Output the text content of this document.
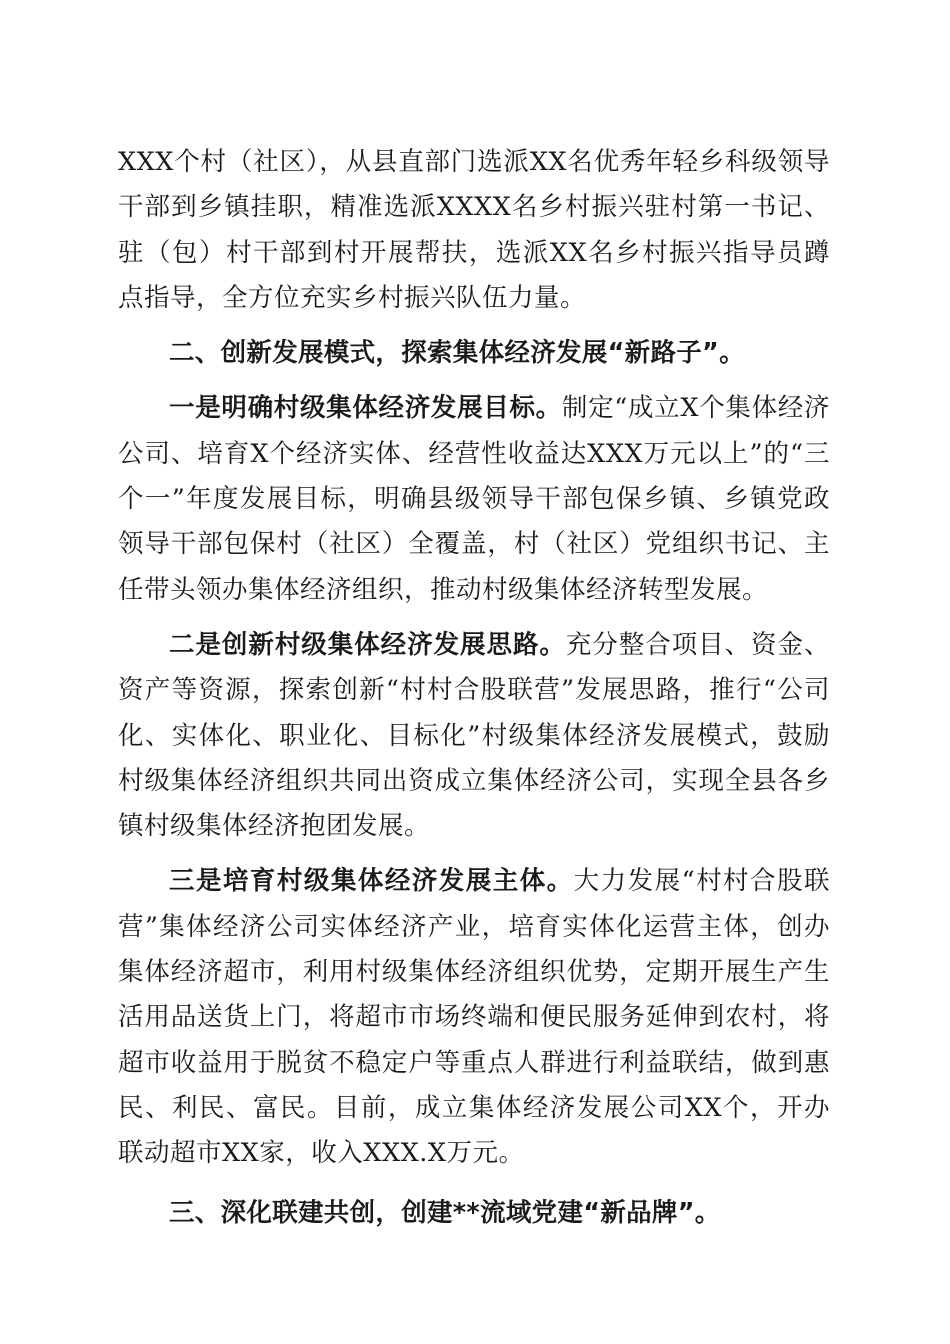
XXX个村（社区），从县直部门选派XX名优秀年轻乡科级领导干部到乡镇挂职，精准选派XXXX名乡村振兴驻村第一书记、驻（包）村干部到村开展帮扶，选派XX名乡村振兴指导员蹲点指导，全方位充实乡村振兴队伍力量。

二、创新发展模式，探索集体经济发展“新路子”。

一是明确村级集体经济发展目标。制定“成立X个集体经济公司、培育X个经济实体、经营性收益达XXX万元以上”的“三个一”年度发展目标，明确县级领导干部包保乡镇、乡镇党政领导干部包保村（社区）全覆盖，村（社区）党组织书记、主任带头领办集体经济组织，推动村级集体经济转型发展。

二是创新村级集体经济发展思路。充分整合项目、资金、资产等资源，探索创新“村村合股联营”发展思路，推行“公司化、实体化、职业化、目标化”村级集体经济发展模式，鼓励村级集体经济组织共同出资成立集体经济公司，实现全县各乡镇村级集体经济抱团发展。

三是培育村级集体经济发展主体。大力发展“村村合股联营”集体经济公司实体经济产业，培育实体化运营主体，创办集体经济超市，利用村级集体经济组织优势，定期开展生产生活用品送货上门，将超市市场终端和便民服务延伸到农村，将超市收益用于脱贫不稳定户等重点人群进行利益联结，做到惠民、利民、富民。目前，成立集体经济发展公司XX个，开办联动超市XX家，收入XXX.X万元。

三、深化联建共创，创建**流域党建“新品牌”。
